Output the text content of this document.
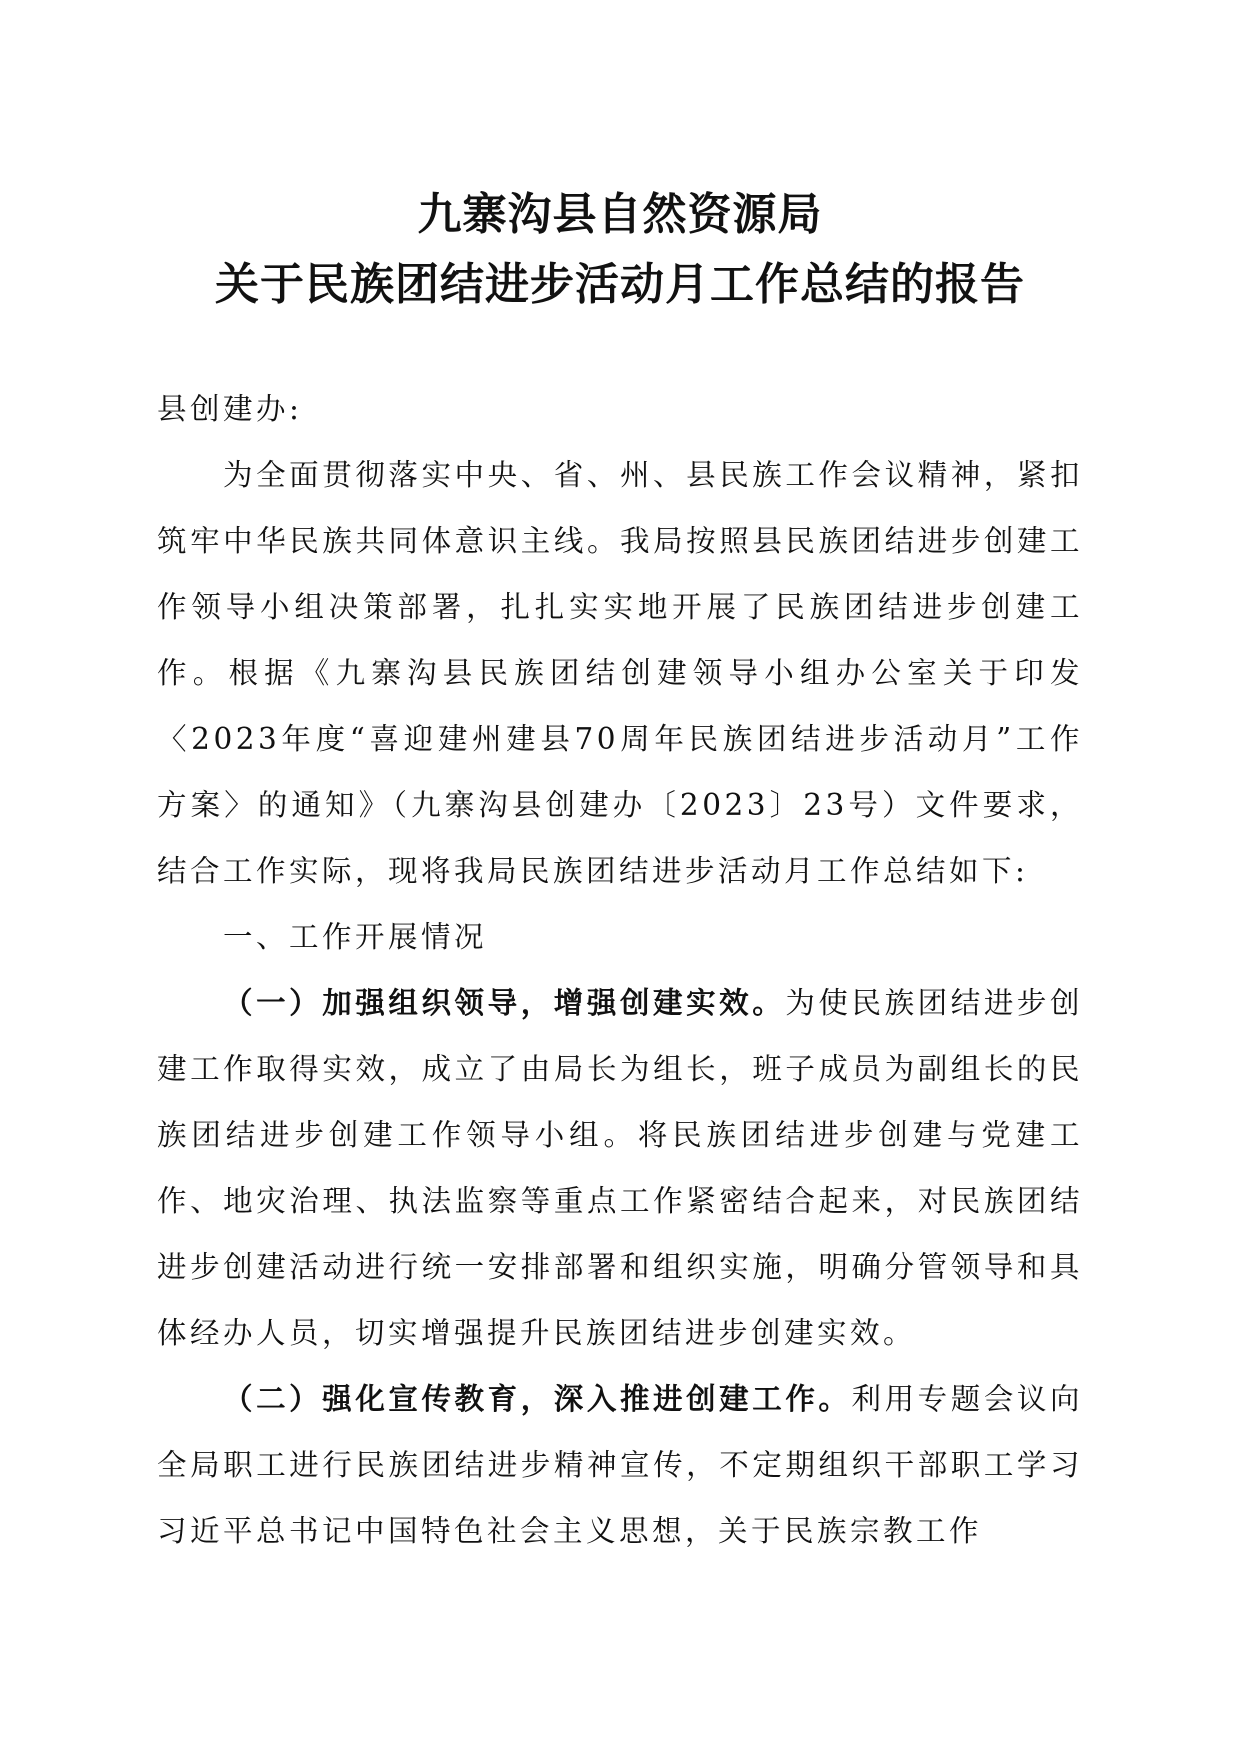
九寨沟县自然资源局
关于民族团结进步活动月工作总结的报告

县创建办:

为全面贯彻落实中央、省、州、县民族工作会议精神，紧扣筑牢中华民族共同体意识主线。我局按照县民族团结进步创建工作领导小组决策部署，扎扎实实地开展了民族团结进步创建工作。根据《九寨沟县民族团结创建领导小组办公室关于印发〈2023年度“喜迎建州建县70周年民族团结进步活动月”工作方案〉的通知》（九寨沟县创建办〔2023〕23号）文件要求，结合工作实际，现将我局民族团结进步活动月工作总结如下:

一、工作开展情况

（一）加强组织领导，增强创建实效。为使民族团结进步创建工作取得实效，成立了由局长为组长，班子成员为副组长的民族团结进步创建工作领导小组。将民族团结进步创建与党建工作、地灾治理、执法监察等重点工作紧密结合起来，对民族团结进步创建活动进行统一安排部署和组织实施，明确分管领导和具体经办人员，切实增强提升民族团结进步创建实效。

（二）强化宣传教育，深入推进创建工作。利用专题会议向全局职工进行民族团结进步精神宣传，不定期组织干部职工学习习近平总书记中国特色社会主义思想，关于民族宗教工作
